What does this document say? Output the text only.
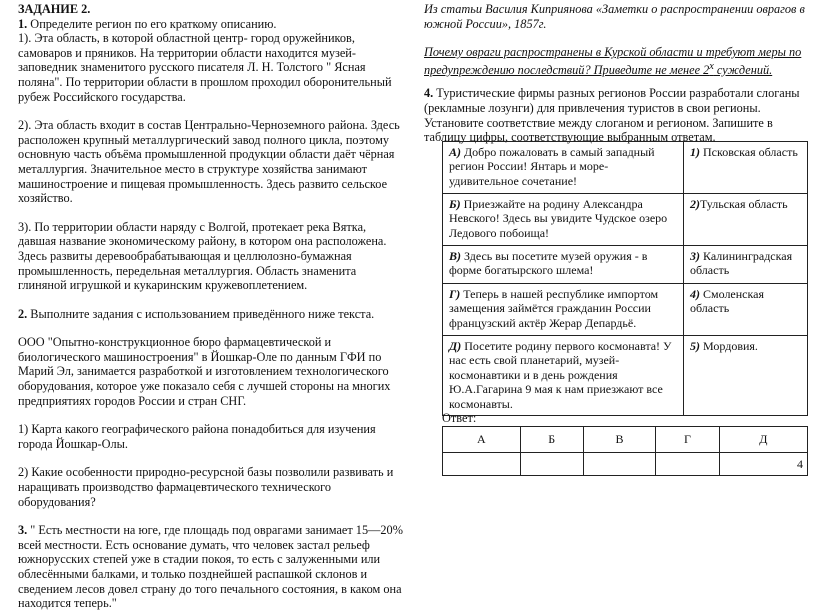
ЗАДАНИЕ 2.

1. Определите регион по его краткому описанию.

1). Эта область, в которой областной центр- город оружейников, самоваров и пряников. На территории области находится музей-заповедник знаменитого русского писателя Л. Н. Толстого " Ясная поляна". По территории области в прошлом проходил оборонительный рубеж Российского государства.

2). Эта область входит в состав Центрально-Черноземного района. Здесь расположен крупный металлургический завод полного цикла, поэтому основную часть объёма промышленной продукции области даёт чёрная металлургия. Значительное место в структуре хозяйства занимают машиностроение и пищевая промышленность. Здесь развито сельское хозяйство.

3). По территории области наряду с Волгой, протекает река Вятка, давшая название экономическому району, в котором она расположена. Здесь развиты деревообрабатывающая и целлюлозно-бумажная промышленность, передельная металлургия. Область знаменита глиняной игрушкой и кукаринским кружевоплетением.

2. Выполните задания с использованием приведённого ниже текста.

ООО "Опытно-конструкционное бюро фармацевтической и биологического машиностроения" в Йошкар-Оле по данным ГФИ по Марий Эл, занимается разработкой и изготовлением технологического оборудования, которое уже показало себя с лучшей стороны на многих предприятиях городов России и стран СНГ.

1) Карта какого географического района понадобиться для изучения города Йошкар-Олы.

2) Какие особенности природно-ресурсной базы позволили развивать и наращивать производство фармацевтического технического оборудования?

3. " Есть местности на юге, где площадь под оврагами занимает 15—20% всей местности. Есть основание думать, что человек застал рельеф южнорусских степей уже в стадии покоя, то есть с залуженными или облесёнными балками, и только позднейшей распашкой склонов и сведением лесов довел страну до того печального состояния, в каком она находится теперь."

Из статьи Василия Киприянова «Заметки о распространении оврагов в южной России», 1857г.

Почему овраги распространены в Курской области и требуют меры по предупреждению последствий? Приведите не менее $2^х$ суждений.

4. Туристические фирмы разных регионов России разработали слоганы (рекламные лозунги) для привлечения туристов в свои регионы. Установите соответствие между слоганом и регионом. Запишите в таблицу цифры, соответствующие выбранным ответам.

А) Добро пожаловать в самый западный регион России! Янтарь и море- удивительное сочетание!	1) Псковская область
Б) Приезжайте на родину Александра Невского! Здесь вы увидите Чудское озеро Ледового побоища!	2)Тульская область
В) Здесь вы посетите музей оружия - в форме богатырского шлема!	3) Калининградская область
Г) Теперь в нашей республике импортом замещения займётся гражданин России французский актёр Жерар Депардьё.	4) Смоленская область
Д) Посетите родину первого космонавта! У нас есть свой планетарий, музей- космонавтики и в день рождения Ю.А.Гагарина 9 мая к нам приезжают все космонавты.	5) Мордовия.
Ответ:
А	Б	В	Г	Д
				4
